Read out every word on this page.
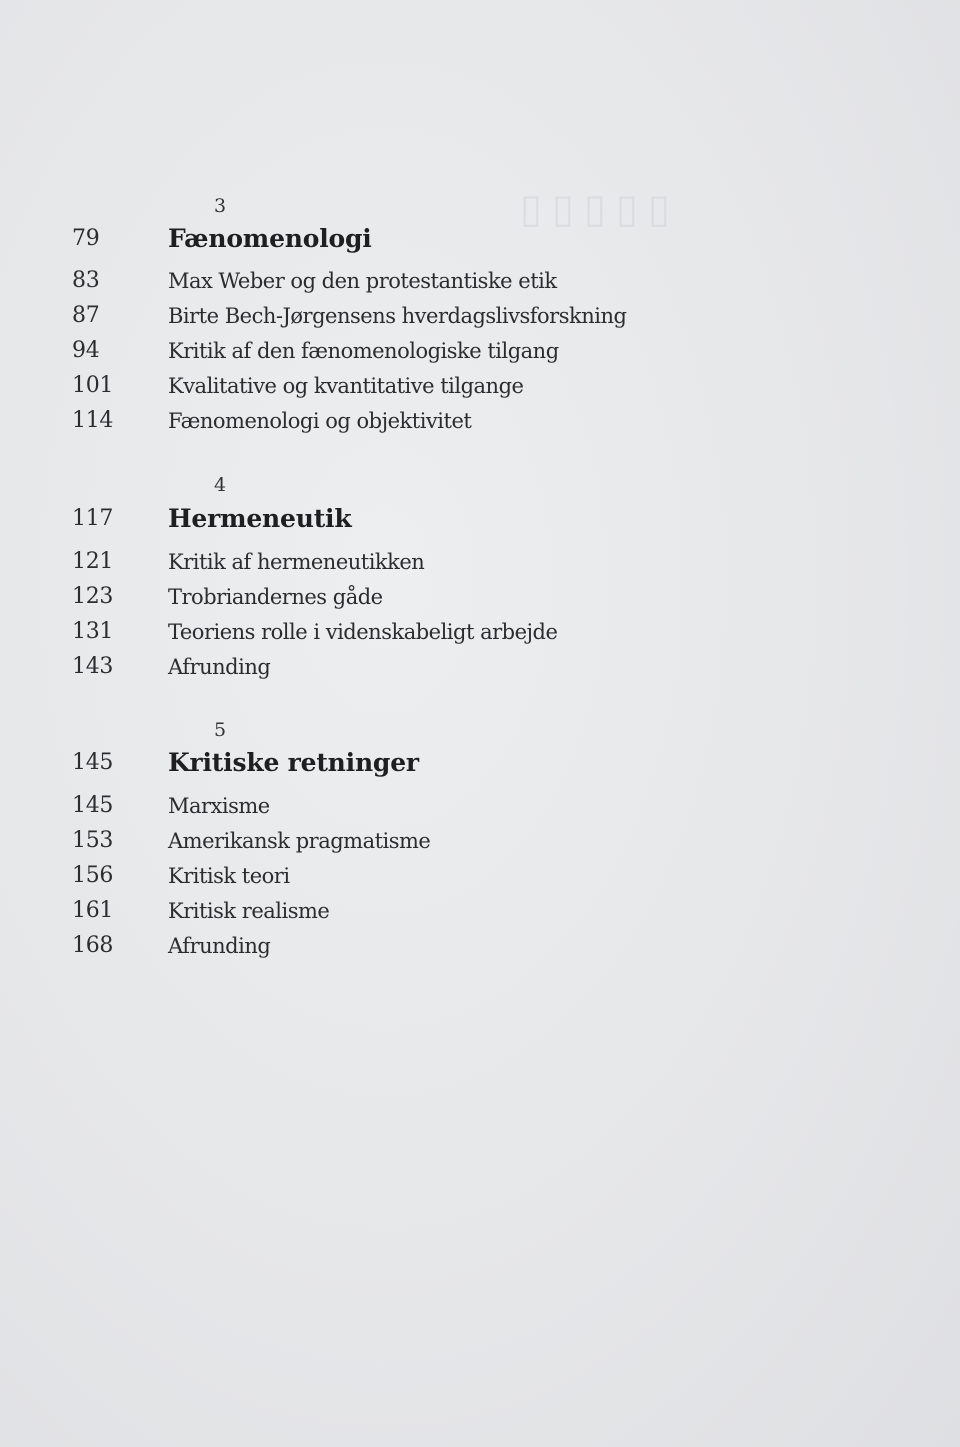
▯▯▯▯▯
3
79	Fænomenologi
83	Max Weber og den protestantiske etik
87	Birte Bech-Jørgensens hverdagslivsforskning
94	Kritik af den fænomenologiske tilgang
101	Kvalitative og kvantitative tilgange
114	Fænomenologi og objektivitet
4
117 Hermeneutik
121	Kritik af hermeneutikken
123	Trobriandernes gåde
131	Teoriens rolle i videnskabeligt arbejde
143	Afrunding
5
145 Kritiske retninger
145	Marxisme
153	Amerikansk pragmatisme
156	Kritisk teori
161	Kritisk realisme
168	Afrunding
